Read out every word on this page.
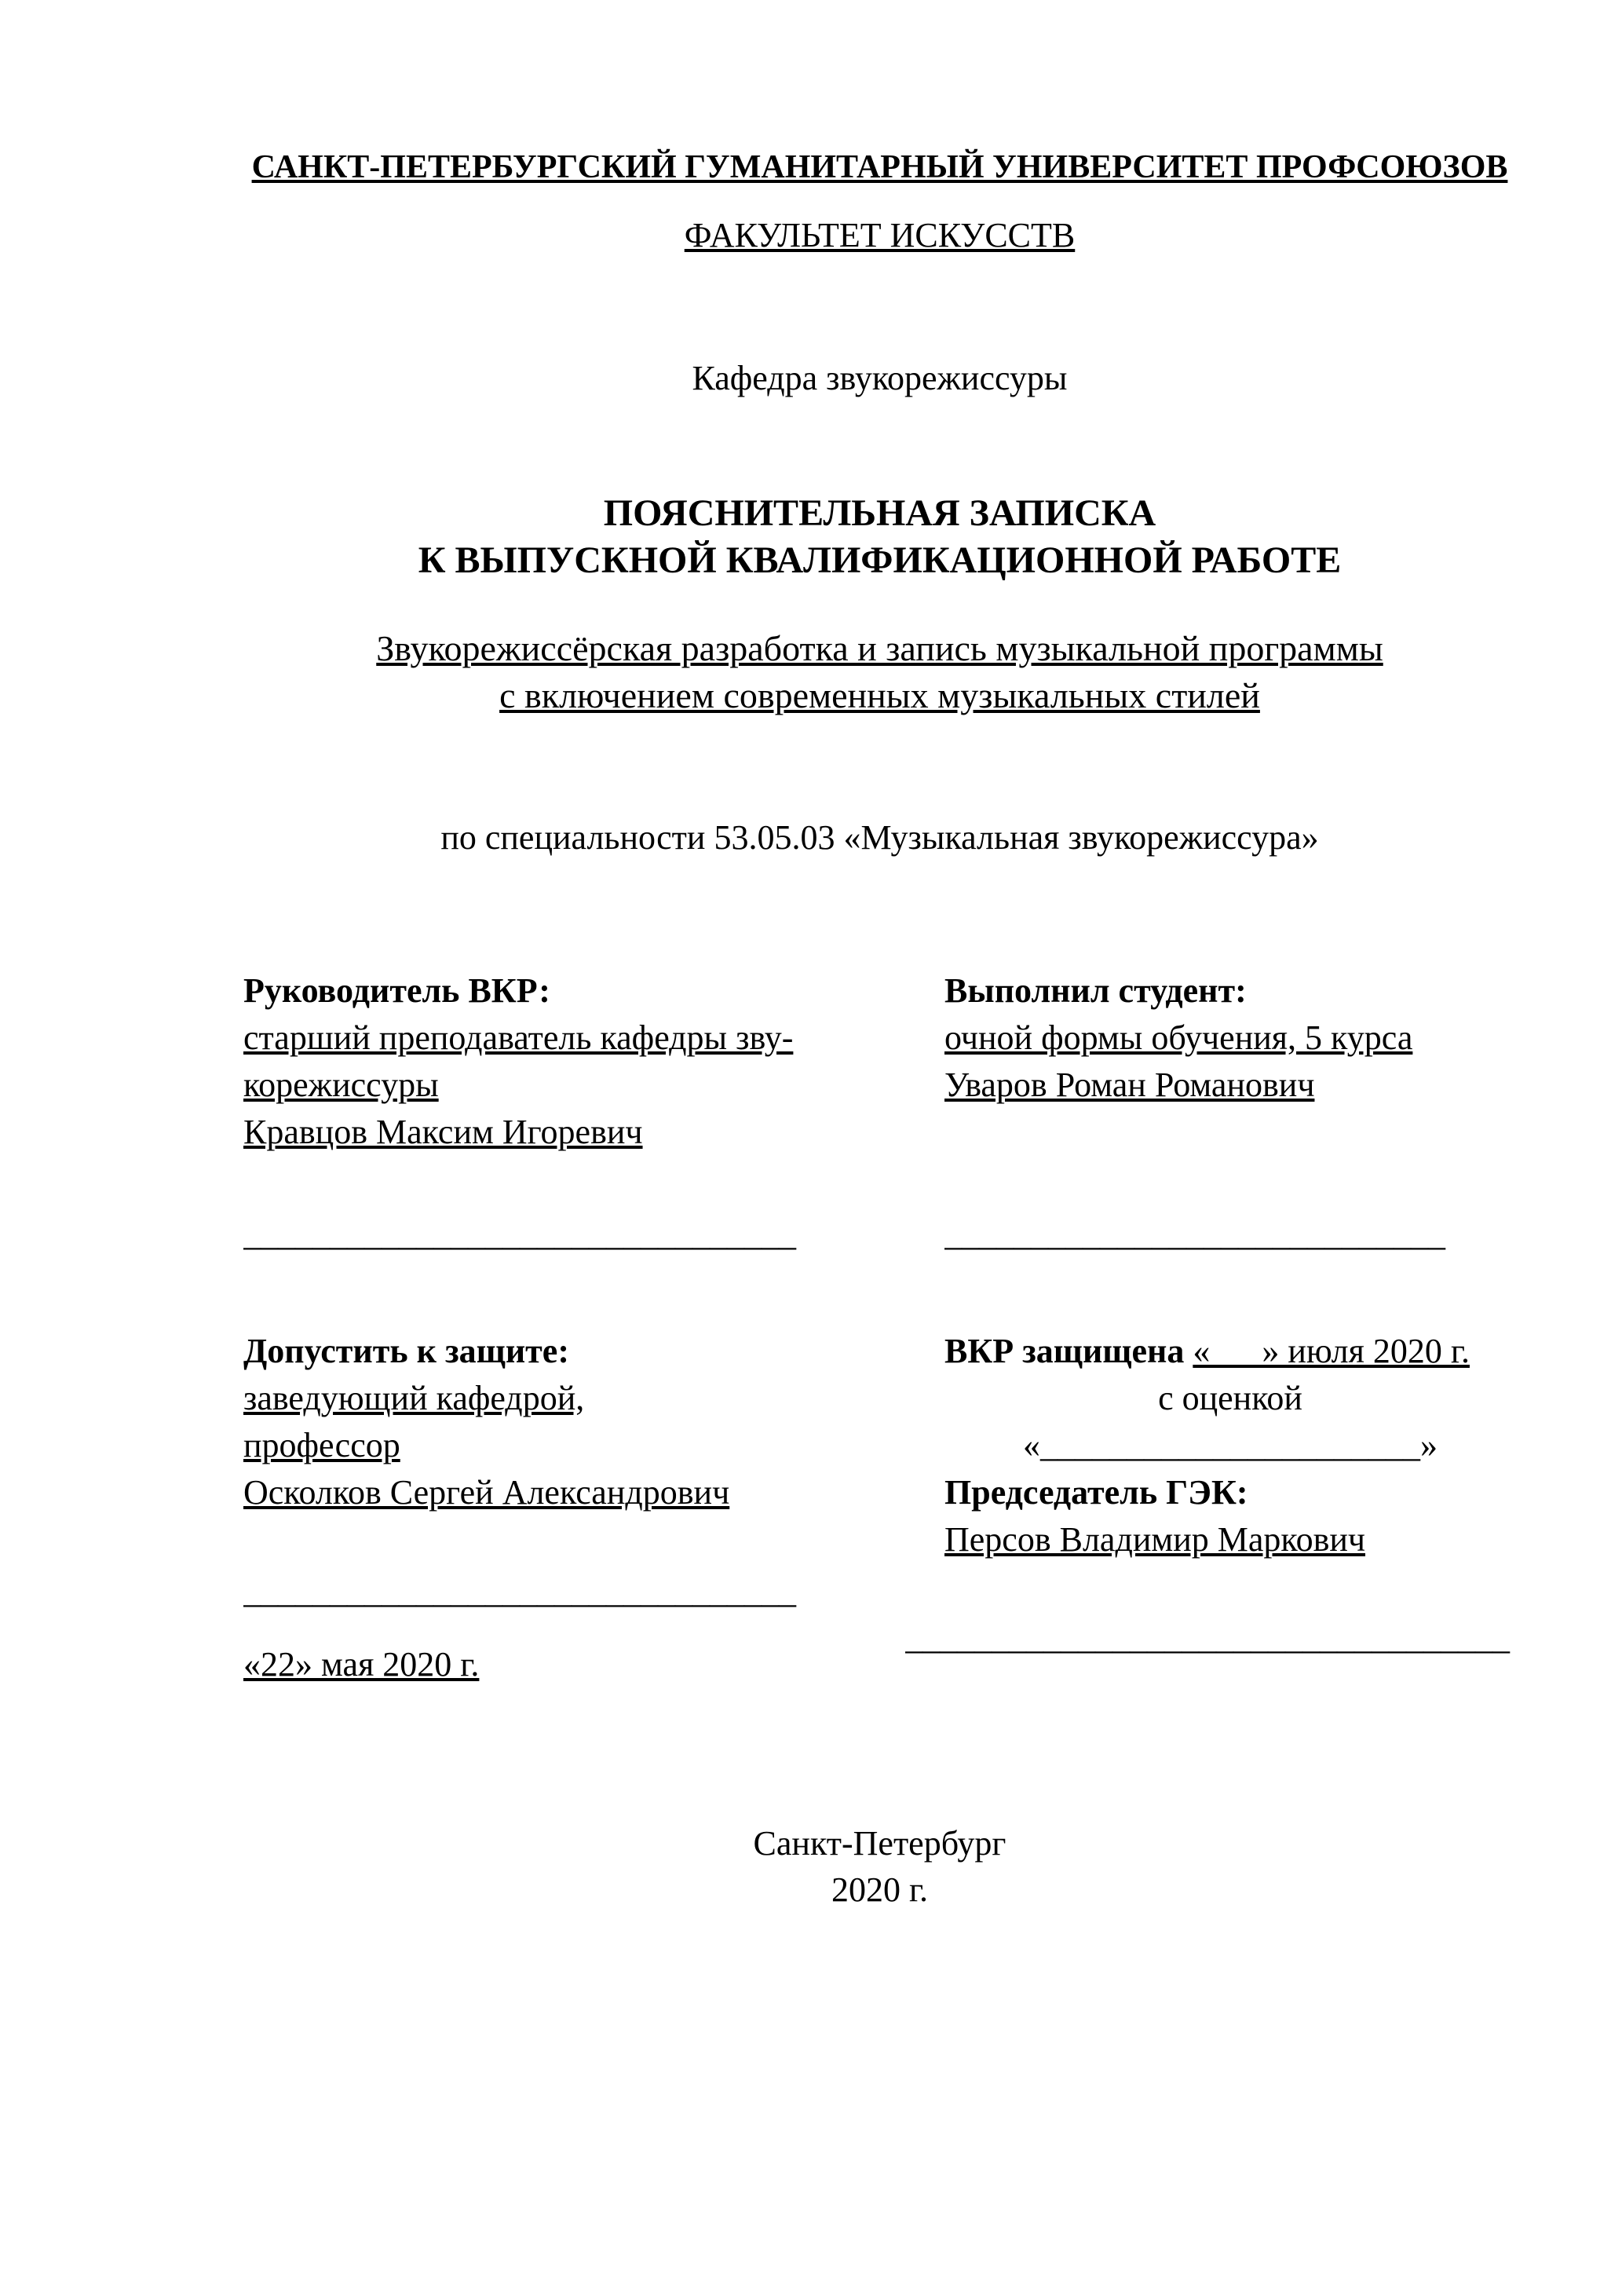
САНКТ-ПЕТЕРБУРГСКИЙ ГУМАНИТАРНЫЙ УНИВЕРСИТЕТ ПРОФСОЮЗОВ
ФАКУЛЬТЕТ ИСКУССТВ
Кафедра звукорежиссуры
ПОЯСНИТЕЛЬНАЯ ЗАПИСКА
К ВЫПУСКНОЙ КВАЛИФИКАЦИОННОЙ РАБОТЕ
Звукорежиссёрская разработка и запись музыкальной программы
с включением современных музыкальных стилей
по специальности 53.05.03 «Музыкальная звукорежиссура»
Руководитель ВКР:
старший преподаватель кафедры зву-
корежиссуры
Кравцов Максим Игоревич
Выполнил студент:
очной формы обучения, 5 курса
Уваров Роман Романович
________________________________	_____________________________
Допустить к защите:
заведующий кафедрой,
профессор
Осколков Сергей Александрович
________________________________
«22» мая 2020 г.
ВКР защищена «___» июля 2020 г.
с оценкой
«______________________»
Председатель ГЭК:
Персов Владимир Маркович
___________________________________
Санкт-Петербург
2020 г.
